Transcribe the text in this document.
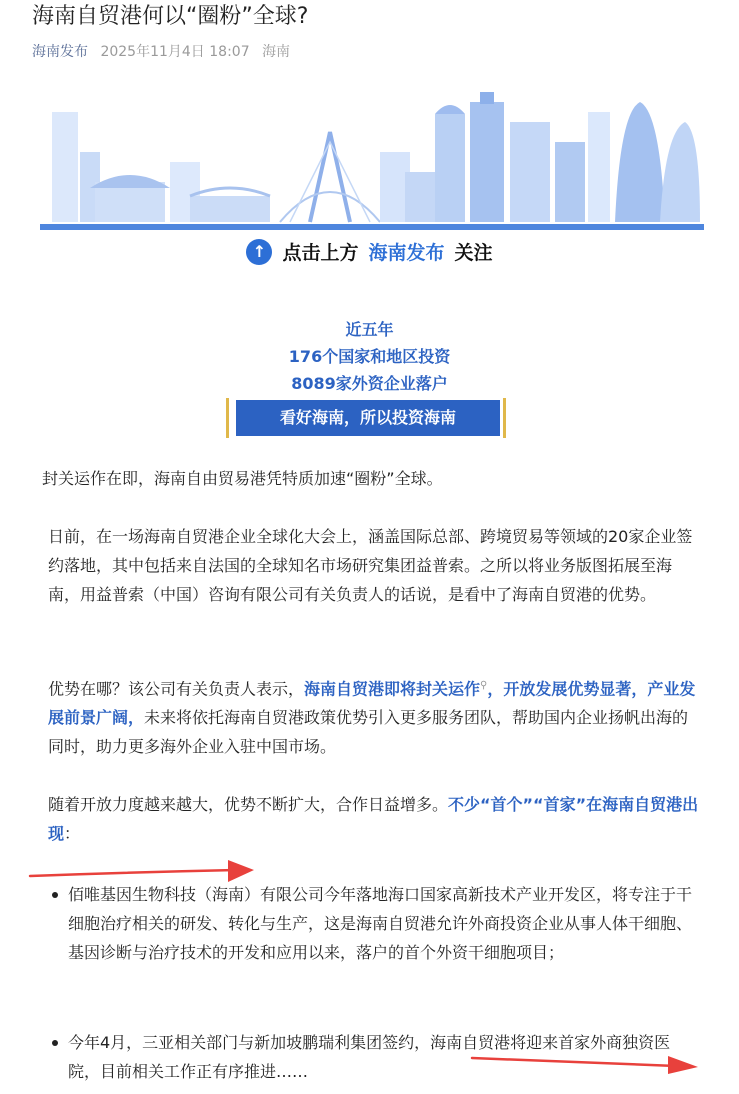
海南自贸港何以“圈粉”全球?
海南发布 2025年11月4日 18:07 海南
↑ 点击上方 海南发布 关注
近五年
176个国家和地区投资
8089家外资企业落户
看好海南，所以投资海南
封关运作在即，海南自由贸易港凭特质加速“圈粉”全球。
日前，在一场海南自贸港企业全球化大会上，涵盖国际总部、跨境贸易等领域的20家企业签约落地，其中包括来自法国的全球知名市场研究集团益普索。之所以将业务版图拓展至海南，用益普索（中国）咨询有限公司有关负责人的话说，是看中了海南自贸港的优势。
优势在哪？该公司有关负责人表示，海南自贸港即将封关运作⚲，开放发展优势显著，产业发展前景广阔，未来将依托海南自贸港政策优势引入更多服务团队，帮助国内企业扬帆出海的同时，助力更多海外企业入驻中国市场。
随着开放力度越来越大，优势不断扩大，合作日益增多。不少“首个”“首家”在海南自贸港出现：
佰唯基因生物科技（海南）有限公司今年落地海口国家高新技术产业开发区，将专注于干细胞治疗相关的研发、转化与生产，这是海南自贸港允许外商投资企业从事人体干细胞、基因诊断与治疗技术的开发和应用以来，落户的首个外资干细胞项目；
今年4月，三亚相关部门与新加坡鹏瑞利集团签约，海南自贸港将迎来首家外商独资医院，目前相关工作正有序推进……
